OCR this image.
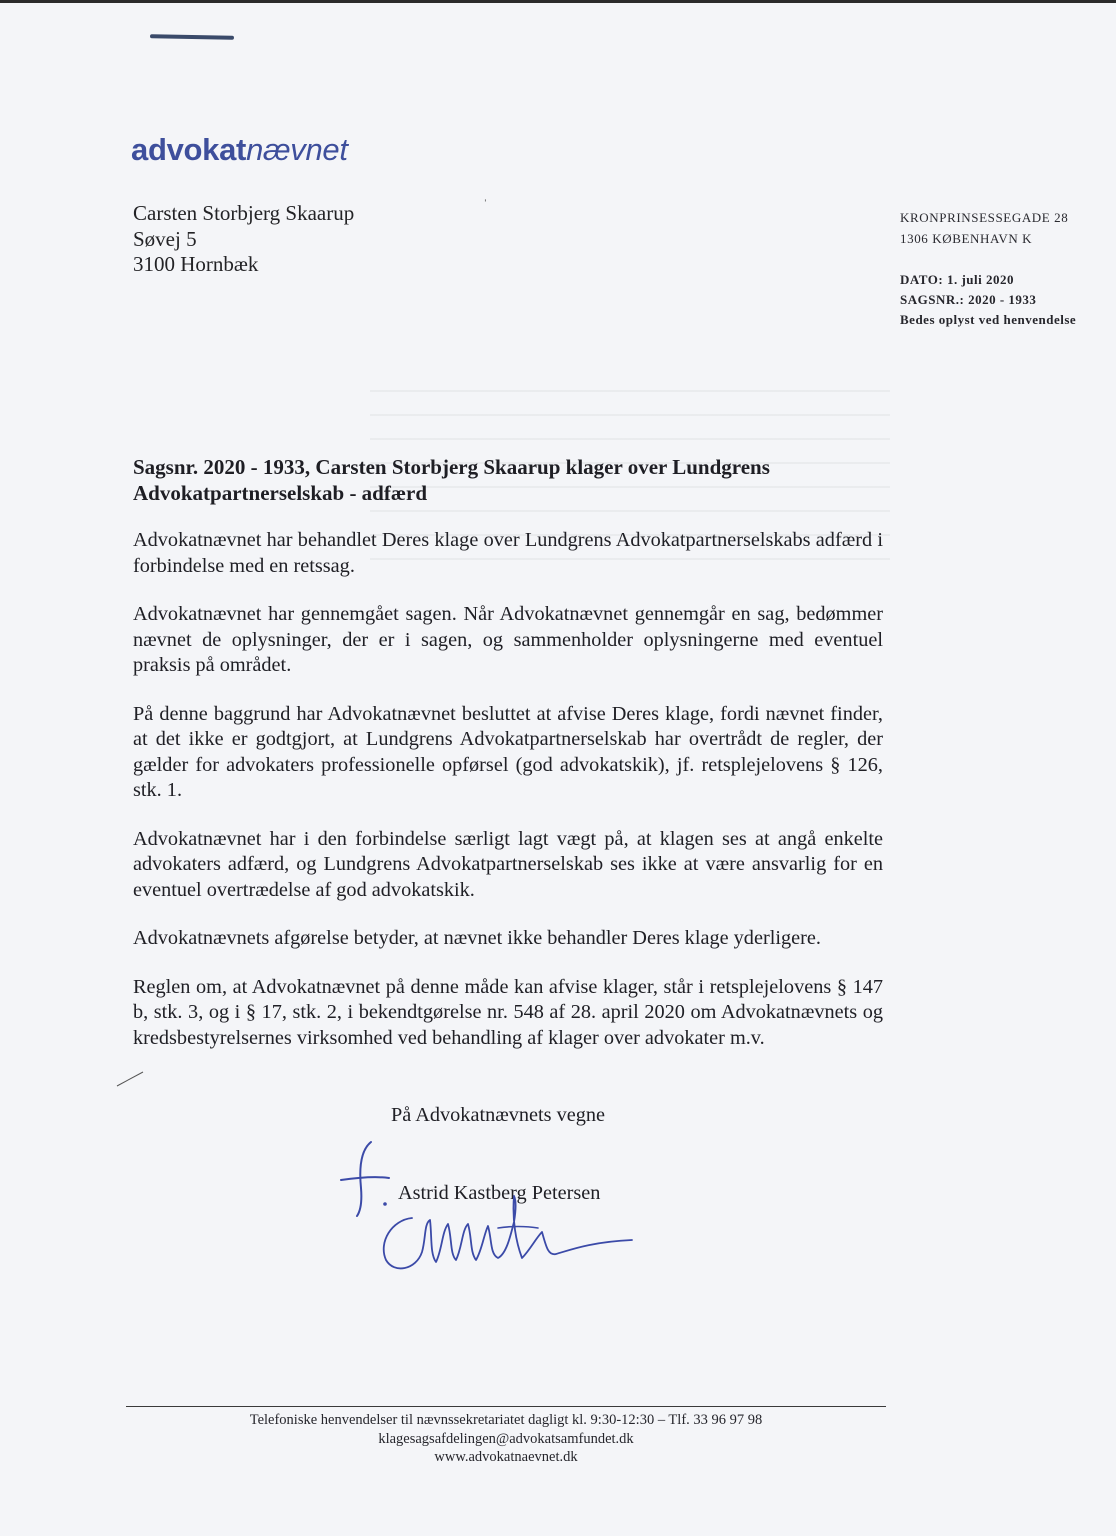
advokatnævnet
Carsten Storbjerg Skaarup
Søvej 5
3100 Hornbæk
ˈ
KRONPRINSESSEGADE 28
1306 KØBENHAVN K
DATO: 1. juli 2020
SAGSNR.: 2020 - 1933
Bedes oplyst ved henvendelse
Sagsnr. 2020 - 1933, Carsten Storbjerg Skaarup klager over Lundgrens
Advokatpartnerselskab - adfærd

Advokatnævnet har behandlet Deres klage over Lundgrens Advokatpartnerselskabs adfærd i forbindelse med en retssag.

Advokatnævnet har gennemgået sagen. Når Advokatnævnet gennemgår en sag, bedømmer nævnet de oplysninger, der er i sagen, og sammenholder oplysningerne med eventuel praksis på området.

På denne baggrund har Advokatnævnet besluttet at afvise Deres klage, fordi nævnet finder, at det ikke er godtgjort, at Lundgrens Advokatpartnerselskab har overtrådt de regler, der gælder for advokaters professionelle opførsel (god advokatskik), jf. retsplejelovens § 126, stk. 1.

Advokatnævnet har i den forbindelse særligt lagt vægt på, at klagen ses at angå enkelte advokaters adfærd, og Lundgrens Advokatpartnerselskab ses ikke at være ansvarlig for en eventuel overtrædelse af god advokatskik.

Advokatnævnets afgørelse betyder, at nævnet ikke behandler Deres klage yderligere.

Reglen om, at Advokatnævnet på denne måde kan afvise klager, står i retsplejelovens § 147 b, stk. 3, og i § 17, stk. 2, i bekendtgørelse nr. 548 af 28. april 2020 om Advokatnævnets og kredsbestyrelsernes virksomhed ved behandling af klager over advokater m.v.

På Advokatnævnets vegne
Astrid Kastberg Petersen
Telefoniske henvendelser til nævnssekretariatet dagligt kl. 9:30-12:30 – Tlf. 33 96 97 98
klagesagsafdelingen@advokatsamfundet.dk
www.advokatnaevnet.dk
